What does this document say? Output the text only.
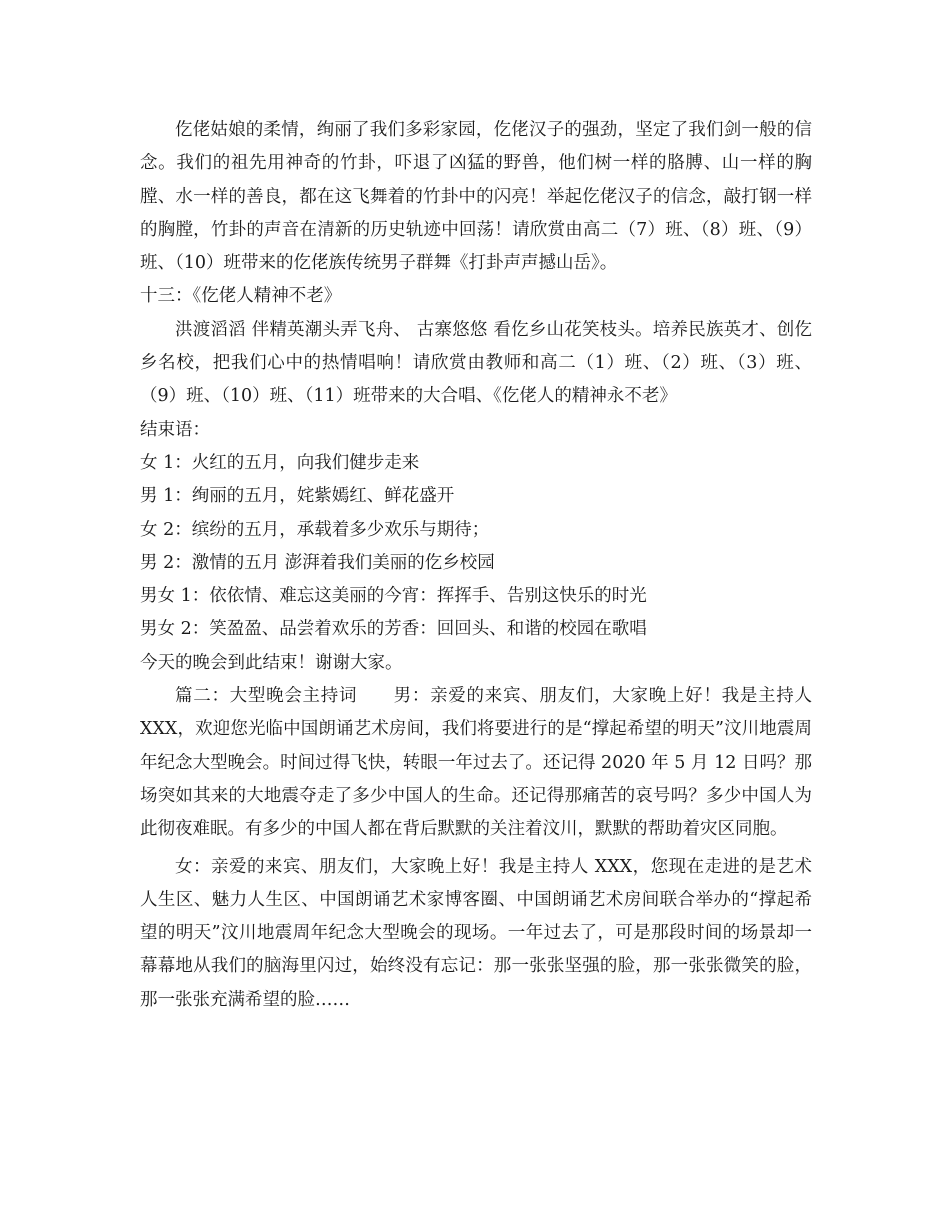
仡佬姑娘的柔情，绚丽了我们多彩家园，仡佬汉子的强劲，坚定了我们剑一般的信念。我们的祖先用神奇的竹卦，吓退了凶猛的野兽，他们树一样的胳膊、山一样的胸膛、水一样的善良，都在这飞舞着的竹卦中的闪亮！举起仡佬汉子的信念，敲打钢一样的胸膛，竹卦的声音在清新的历史轨迹中回荡！请欣赏由高二（7）班、（8）班、（9）班、（10）班带来的仡佬族传统男子群舞《打卦声声撼山岳》。

十三：《仡佬人精神不老》

洪渡滔滔 伴精英潮头弄飞舟、 古寨悠悠 看仡乡山花笑枝头。培养民族英才、创仡乡名校，把我们心中的热情唱响！请欣赏由教师和高二（1）班、（2）班、（3）班、（9）班、（10）班、（11）班带来的大合唱、《仡佬人的精神永不老》

结束语：

女 1：火红的五月，向我们健步走来

男 1：绚丽的五月，姹紫嫣红、鲜花盛开

女 2：缤纷的五月，承载着多少欢乐与期待；

男 2：激情的五月 澎湃着我们美丽的仡乡校园

男女 1：依依情、难忘这美丽的今宵：挥挥手、告别这快乐的时光

男女 2：笑盈盈、品尝着欢乐的芳香：回回头、和谐的校园在歌唱

今天的晚会到此结束！谢谢大家。

篇二：大型晚会主持词　　男：亲爱的来宾、朋友们，大家晚上好！我是主持人 XXX，欢迎您光临中国朗诵艺术房间，我们将要进行的是“撑起希望的明天”汶川地震周年纪念大型晚会。时间过得飞快，转眼一年过去了。还记得 2020 年 5 月 12 日吗？那场突如其来的大地震夺走了多少中国人的生命。还记得那痛苦的哀号吗？多少中国人为此彻夜难眠。有多少的中国人都在背后默默的关注着汶川，默默的帮助着灾区同胞。

女：亲爱的来宾、朋友们，大家晚上好！我是主持人 XXX，您现在走进的是艺术人生区、魅力人生区、中国朗诵艺术家博客圈、中国朗诵艺术房间联合举办的“撑起希望的明天”汶川地震周年纪念大型晚会的现场。一年过去了，可是那段时间的场景却一幕幕地从我们的脑海里闪过，始终没有忘记：那一张张坚强的脸，那一张张微笑的脸，那一张张充满希望的脸……
